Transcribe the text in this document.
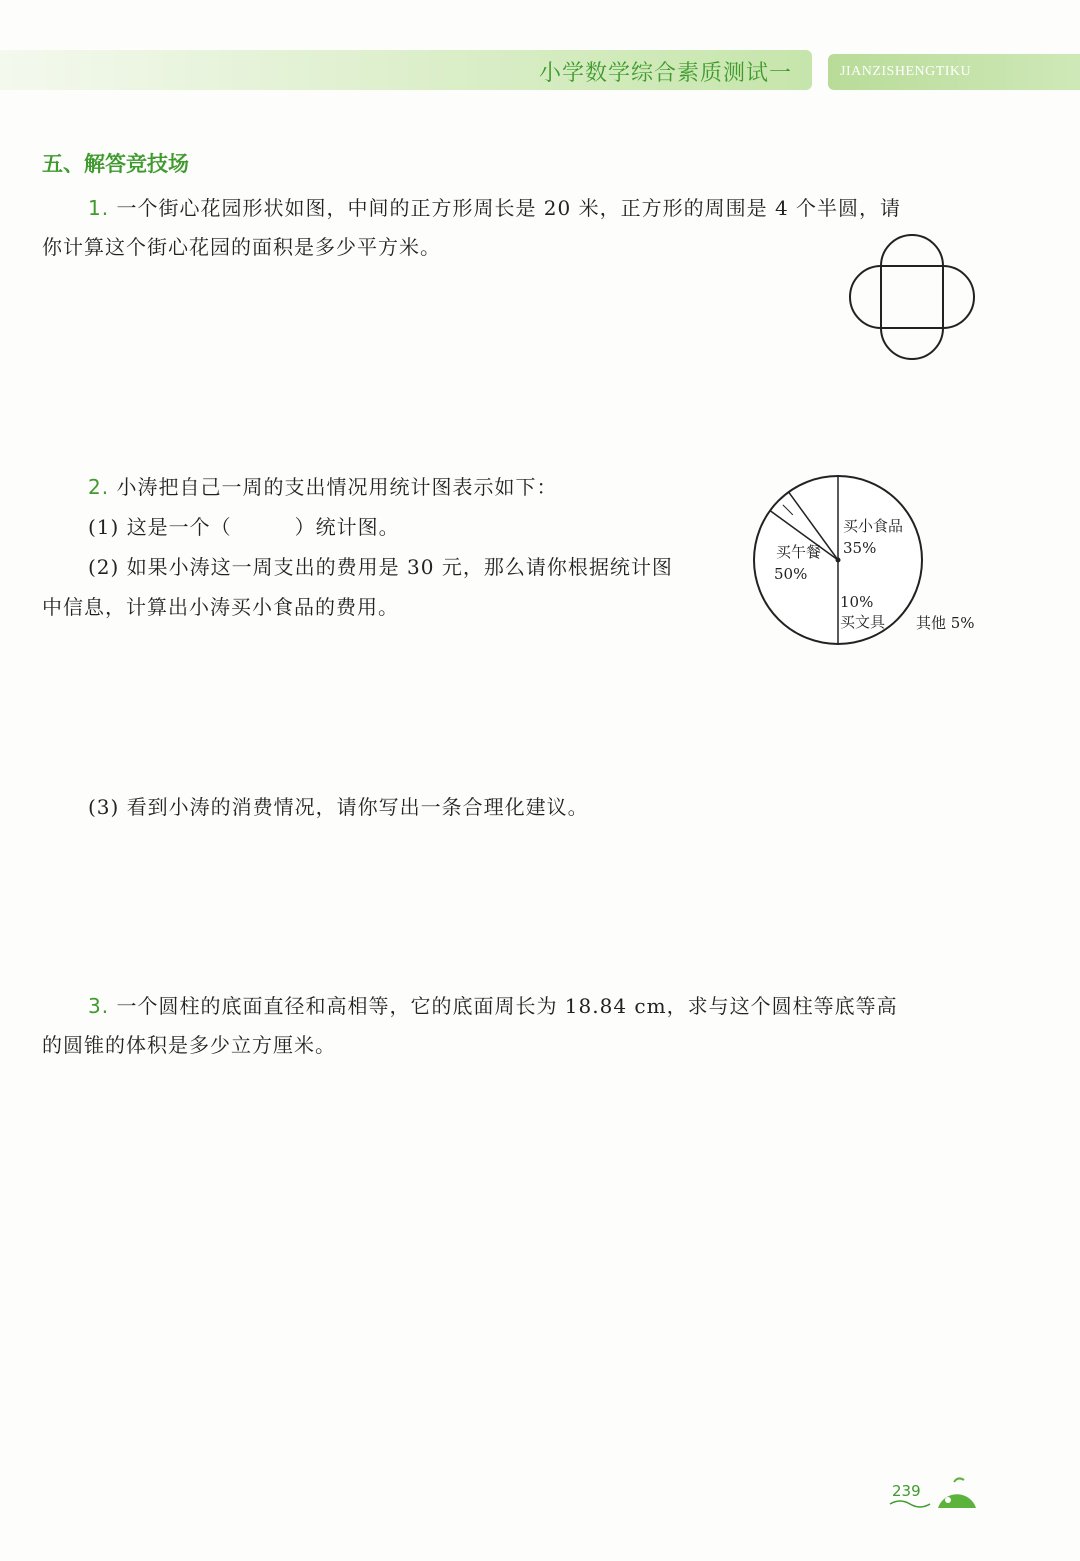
小学数学综合素质测试一	JIANZISHENGTIKU
五、解答竞技场
1. 一个街心花园形状如图，中间的正方形周长是 20 米，正方形的周围是 4 个半圆，请
你计算这个街心花园的面积是多少平方米。
2. 小涛把自己一周的支出情况用统计图表示如下：
(1) 这是一个（　　　）统计图。
(2) 如果小涛这一周支出的费用是 30 元，那么请你根据统计图
中信息，计算出小涛买小食品的费用。
(3) 看到小涛的消费情况，请你写出一条合理化建议。
买午餐
50%
买小食品
35%
10%
买文具 其他 5%
3. 一个圆柱的底面直径和高相等，它的底面周长为 18.84 cm，求与这个圆柱等底等高
的圆锥的体积是多少立方厘米。
239
